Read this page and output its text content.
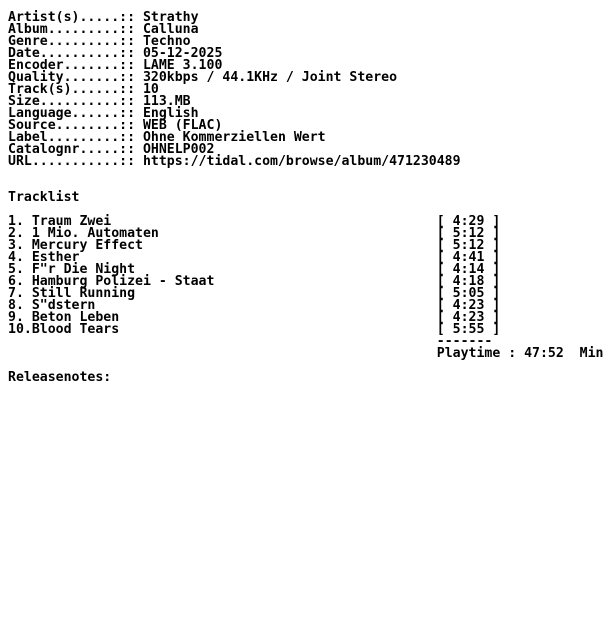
Artist(s).....:: Strathy
Album.........:: Calluna
Genre.........:: Techno
Date..........:: 05-12-2025
Encoder.......:: LAME 3.100
Quality.......:: 320kbps / 44.1KHz / Joint Stereo
Track(s)......:: 10
Size..........:: 113.MB
Language......:: English
Source........:: WEB (FLAC)
Label.........:: Ohne Kommerziellen Wert
Catalognr.....:: OHNELP002
URL...........:: https://tidal.com/browse/album/471230489
Tracklist
1. Traum Zwei	[ 4:29 ]
2. 1 Mio. Automaten	[ 5:12 ]
3. Mercury Effect	[ 5:12 ]
4. Esther	[ 4:41 ]
5. F"r Die Night	[ 4:14 ]
6. Hamburg Polizei - Staat	[ 4:18 ]
7. Still Running	[ 5:05 ]
8. S"dstern	[ 4:23 ]
9. Beton Leben	[ 4:23 ]
10.Blood Tears	[ 5:55 ]
-------
Playtime : 47:52  Min
Releasenotes:
